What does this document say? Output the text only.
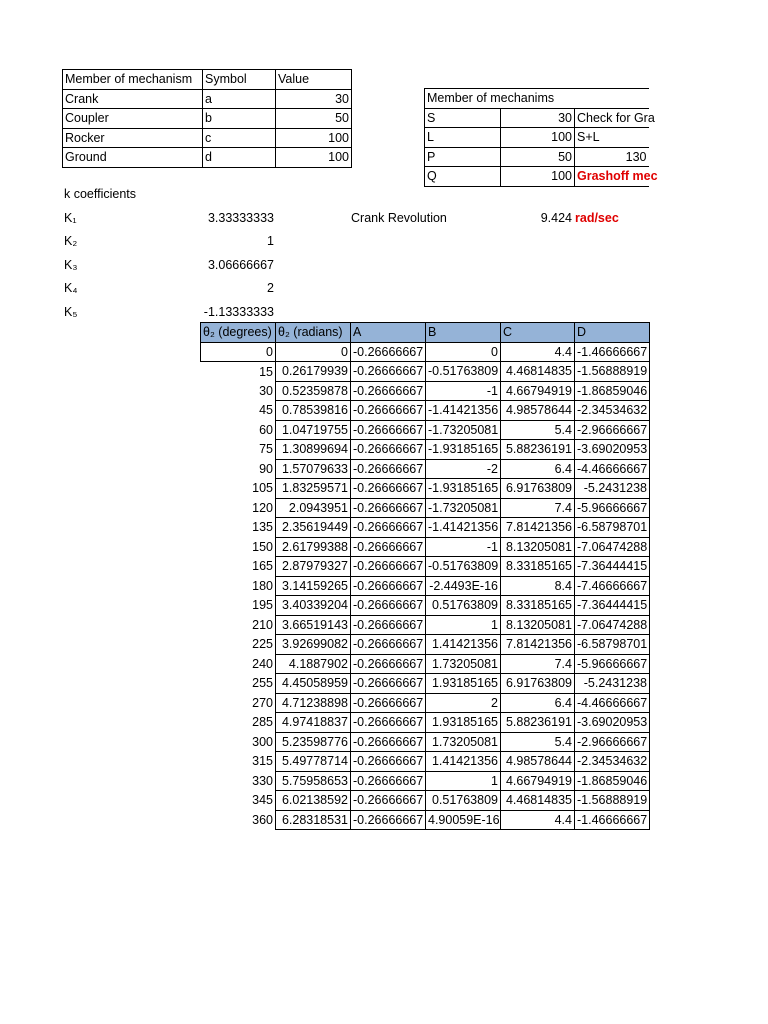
Member of mechanism	Symbol	Value
Crank	a	30
Coupler	b	50
Rocker	c	100
Ground	d	100
Member of mechanims		
S	30	Check for Gra
L	100	S+L
P	50	130
Q	100	Grashoff mec
k coefficients
K₁	3.33333333
K₂	1
K₃	3.06666667
K₄	2
K₅	-1.13333333
Crank Revolution	9.424 rad/sec
θ₂ (degrees)	θ₂ (radians)	A	B	C	D
0	0	-0.26666667	0	4.4	-1.46666667
15	0.26179939	-0.26666667	-0.51763809	4.46814835	-1.56888919
30	0.52359878	-0.26666667	-1	4.66794919	-1.86859046
45	0.78539816	-0.26666667	-1.41421356	4.98578644	-2.34534632
60	1.04719755	-0.26666667	-1.73205081	5.4	-2.96666667
75	1.30899694	-0.26666667	-1.93185165	5.88236191	-3.69020953
90	1.57079633	-0.26666667	-2	6.4	-4.46666667
105	1.83259571	-0.26666667	-1.93185165	6.91763809	-5.2431238
120	2.0943951	-0.26666667	-1.73205081	7.4	-5.96666667
135	2.35619449	-0.26666667	-1.41421356	7.81421356	-6.58798701
150	2.61799388	-0.26666667	-1	8.13205081	-7.06474288
165	2.87979327	-0.26666667	-0.51763809	8.33185165	-7.36444415
180	3.14159265	-0.26666667	-2.4493E-16	8.4	-7.46666667
195	3.40339204	-0.26666667	0.51763809	8.33185165	-7.36444415
210	3.66519143	-0.26666667	1	8.13205081	-7.06474288
225	3.92699082	-0.26666667	1.41421356	7.81421356	-6.58798701
240	4.1887902	-0.26666667	1.73205081	7.4	-5.96666667
255	4.45058959	-0.26666667	1.93185165	6.91763809	-5.2431238
270	4.71238898	-0.26666667	2	6.4	-4.46666667
285	4.97418837	-0.26666667	1.93185165	5.88236191	-3.69020953
300	5.23598776	-0.26666667	1.73205081	5.4	-2.96666667
315	5.49778714	-0.26666667	1.41421356	4.98578644	-2.34534632
330	5.75958653	-0.26666667	1	4.66794919	-1.86859046
345	6.02138592	-0.26666667	0.51763809	4.46814835	-1.56888919
360	6.28318531	-0.26666667	4.90059E-16	4.4	-1.46666667
